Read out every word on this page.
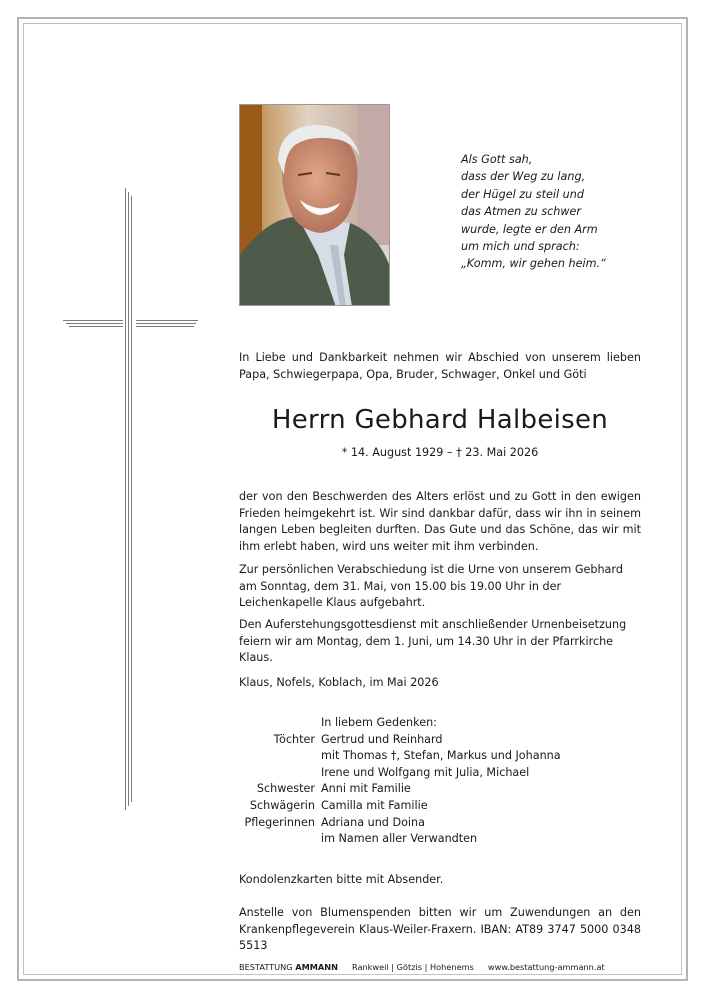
Als Gott sah,
dass der Weg zu lang,
der Hügel zu steil und
das Atmen zu schwer
wurde, legte er den Arm
um mich und sprach:
„Komm, wir gehen heim.“
In Liebe und Dankbarkeit nehmen wir Abschied von unserem lieben Papa, Schwiegerpapa, Opa, Bruder, Schwager, Onkel und Göti
Herrn Gebhard Halbeisen
* 14. August 1929 – † 23. Mai 2026
der von den Beschwerden des Alters erlöst und zu Gott in den ewigen Frieden heimgekehrt ist. Wir sind dankbar dafür, dass wir ihn in seinem langen Leben begleiten durften. Das Gute und das Schöne, das wir mit ihm erlebt haben, wird uns weiter mit ihm verbinden.
Zur persönlichen Verabschiedung ist die Urne von unserem Gebhard am Sonntag, dem 31. Mai, von 15.00 bis 19.00 Uhr in der Leichenkapelle Klaus aufgebahrt.
Den Auferstehungsgottesdienst mit anschließender Urnenbeisetzung feiern wir am Montag, dem 1. Juni, um 14.30 Uhr in der Pfarrkirche Klaus.
Klaus, Nofels, Koblach, im Mai 2026
In liebem Gedenken:
Töchter Gertrud und Reinhard
mit Thomas †, Stefan, Markus und Johanna
Irene und Wolfgang mit Julia, Michael
Schwester Anni mit Familie
Schwägerin Camilla mit Familie
Pflegerinnen Adriana und Doina
im Namen aller Verwandten
Kondolenzkarten bitte mit Absender.
Anstelle von Blumenspenden bitten wir um Zuwendungen an den Krankenpflegeverein Klaus-Weiler-Fraxern. IBAN: AT89 3747 5000 0348 5513
BESTATTUNG AMMANN Rankweil | Götzis | Hohenems www.bestattung-ammann.at
